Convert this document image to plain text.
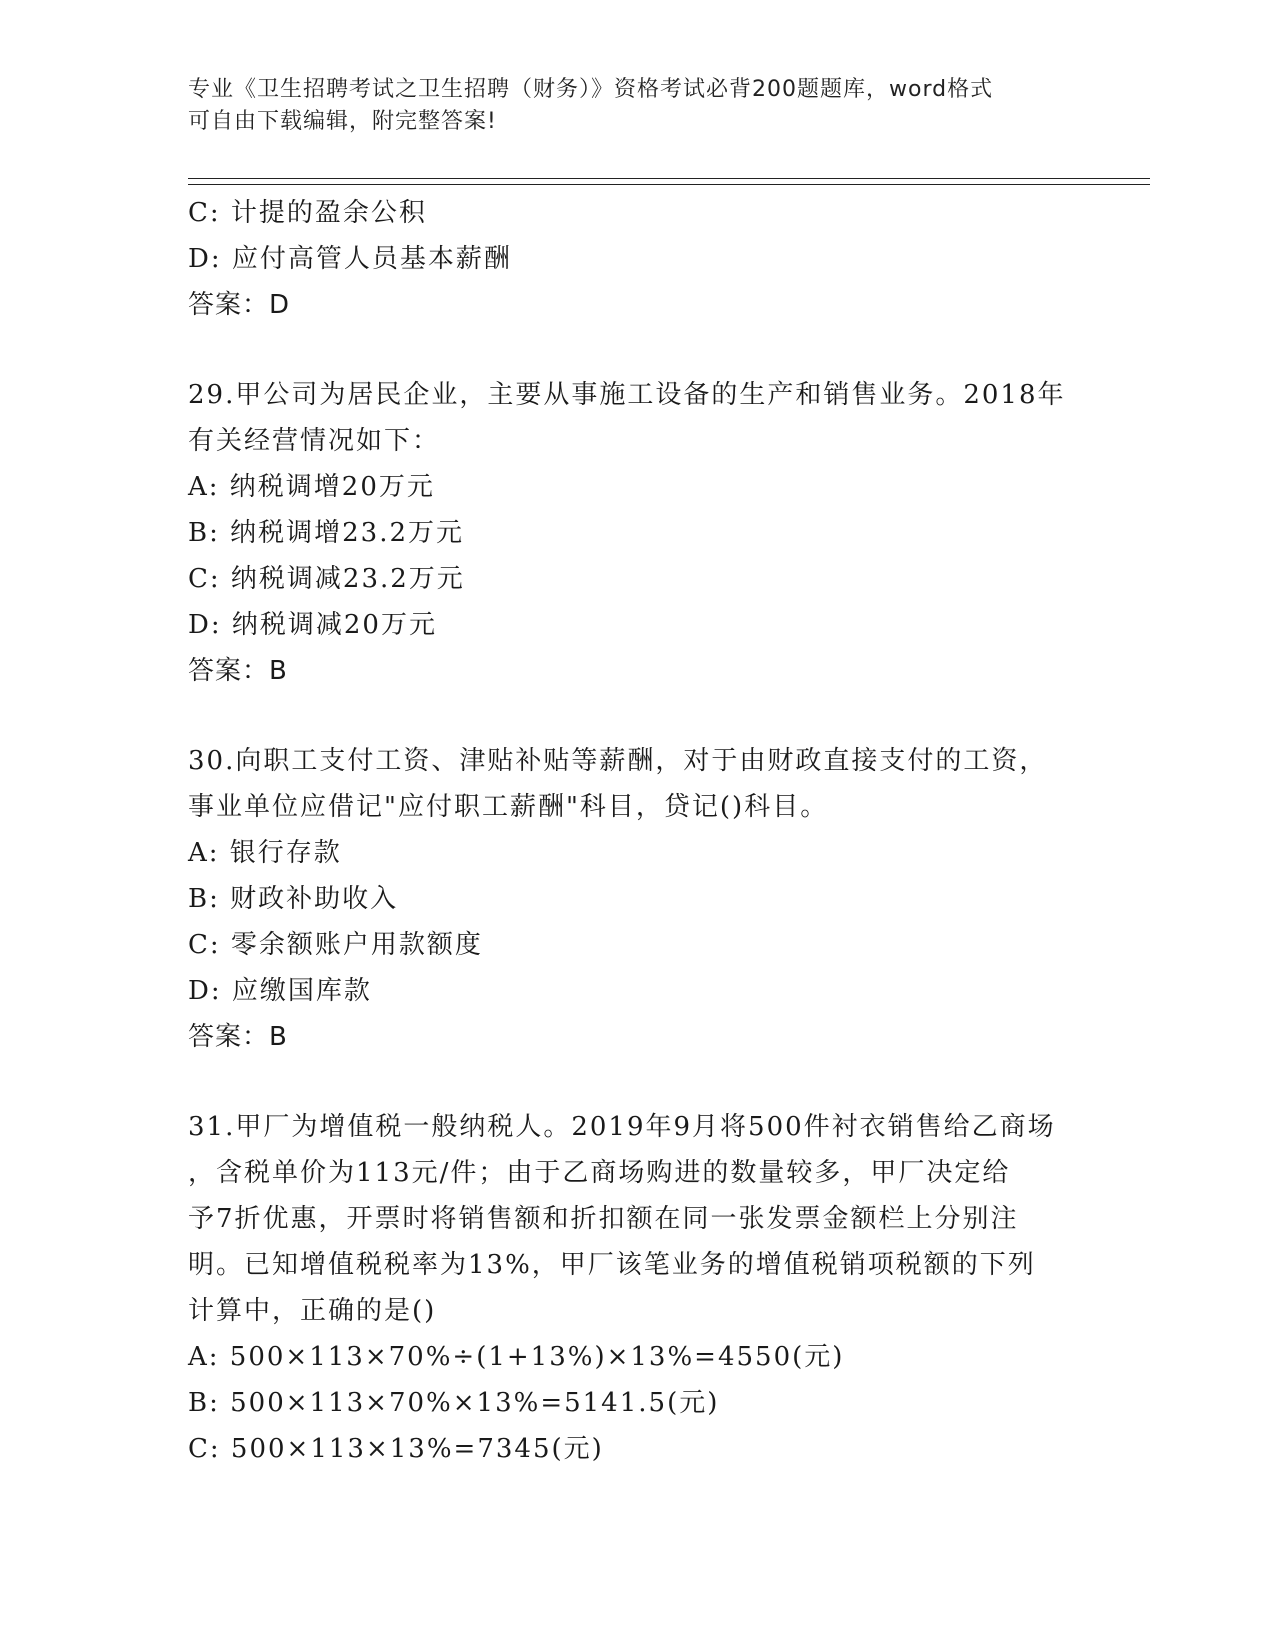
专业《卫生招聘考试之卫生招聘（财务）》资格考试必背200题题库，word格式
可自由下载编辑，附完整答案!
C: 计提的盈余公积
D: 应付高管人员基本薪酬
答案：D
29.甲公司为居民企业，主要从事施工设备的生产和销售业务。2018年
有关经营情况如下：
A: 纳税调增20万元
B: 纳税调增23.2万元
C: 纳税调减23.2万元
D: 纳税调减20万元
答案：B
30.向职工支付工资、津贴补贴等薪酬，对于由财政直接支付的工资，
事业单位应借记"应付职工薪酬"科目，贷记()科目。
A: 银行存款
B: 财政补助收入
C: 零余额账户用款额度
D: 应缴国库款
答案：B
31.甲厂为增值税一般纳税人。2019年9月将500件衬衣销售给乙商场
，含税单价为113元/件；由于乙商场购进的数量较多，甲厂决定给
予7折优惠，开票时将销售额和折扣额在同一张发票金额栏上分别注
明。已知增值税税率为13%，甲厂该笔业务的增值税销项税额的下列
计算中，正确的是()
A: 500×113×70%÷(1+13%)×13%=4550(元)
B: 500×113×70%×13%=5141.5(元)
C: 500×113×13%=7345(元)
